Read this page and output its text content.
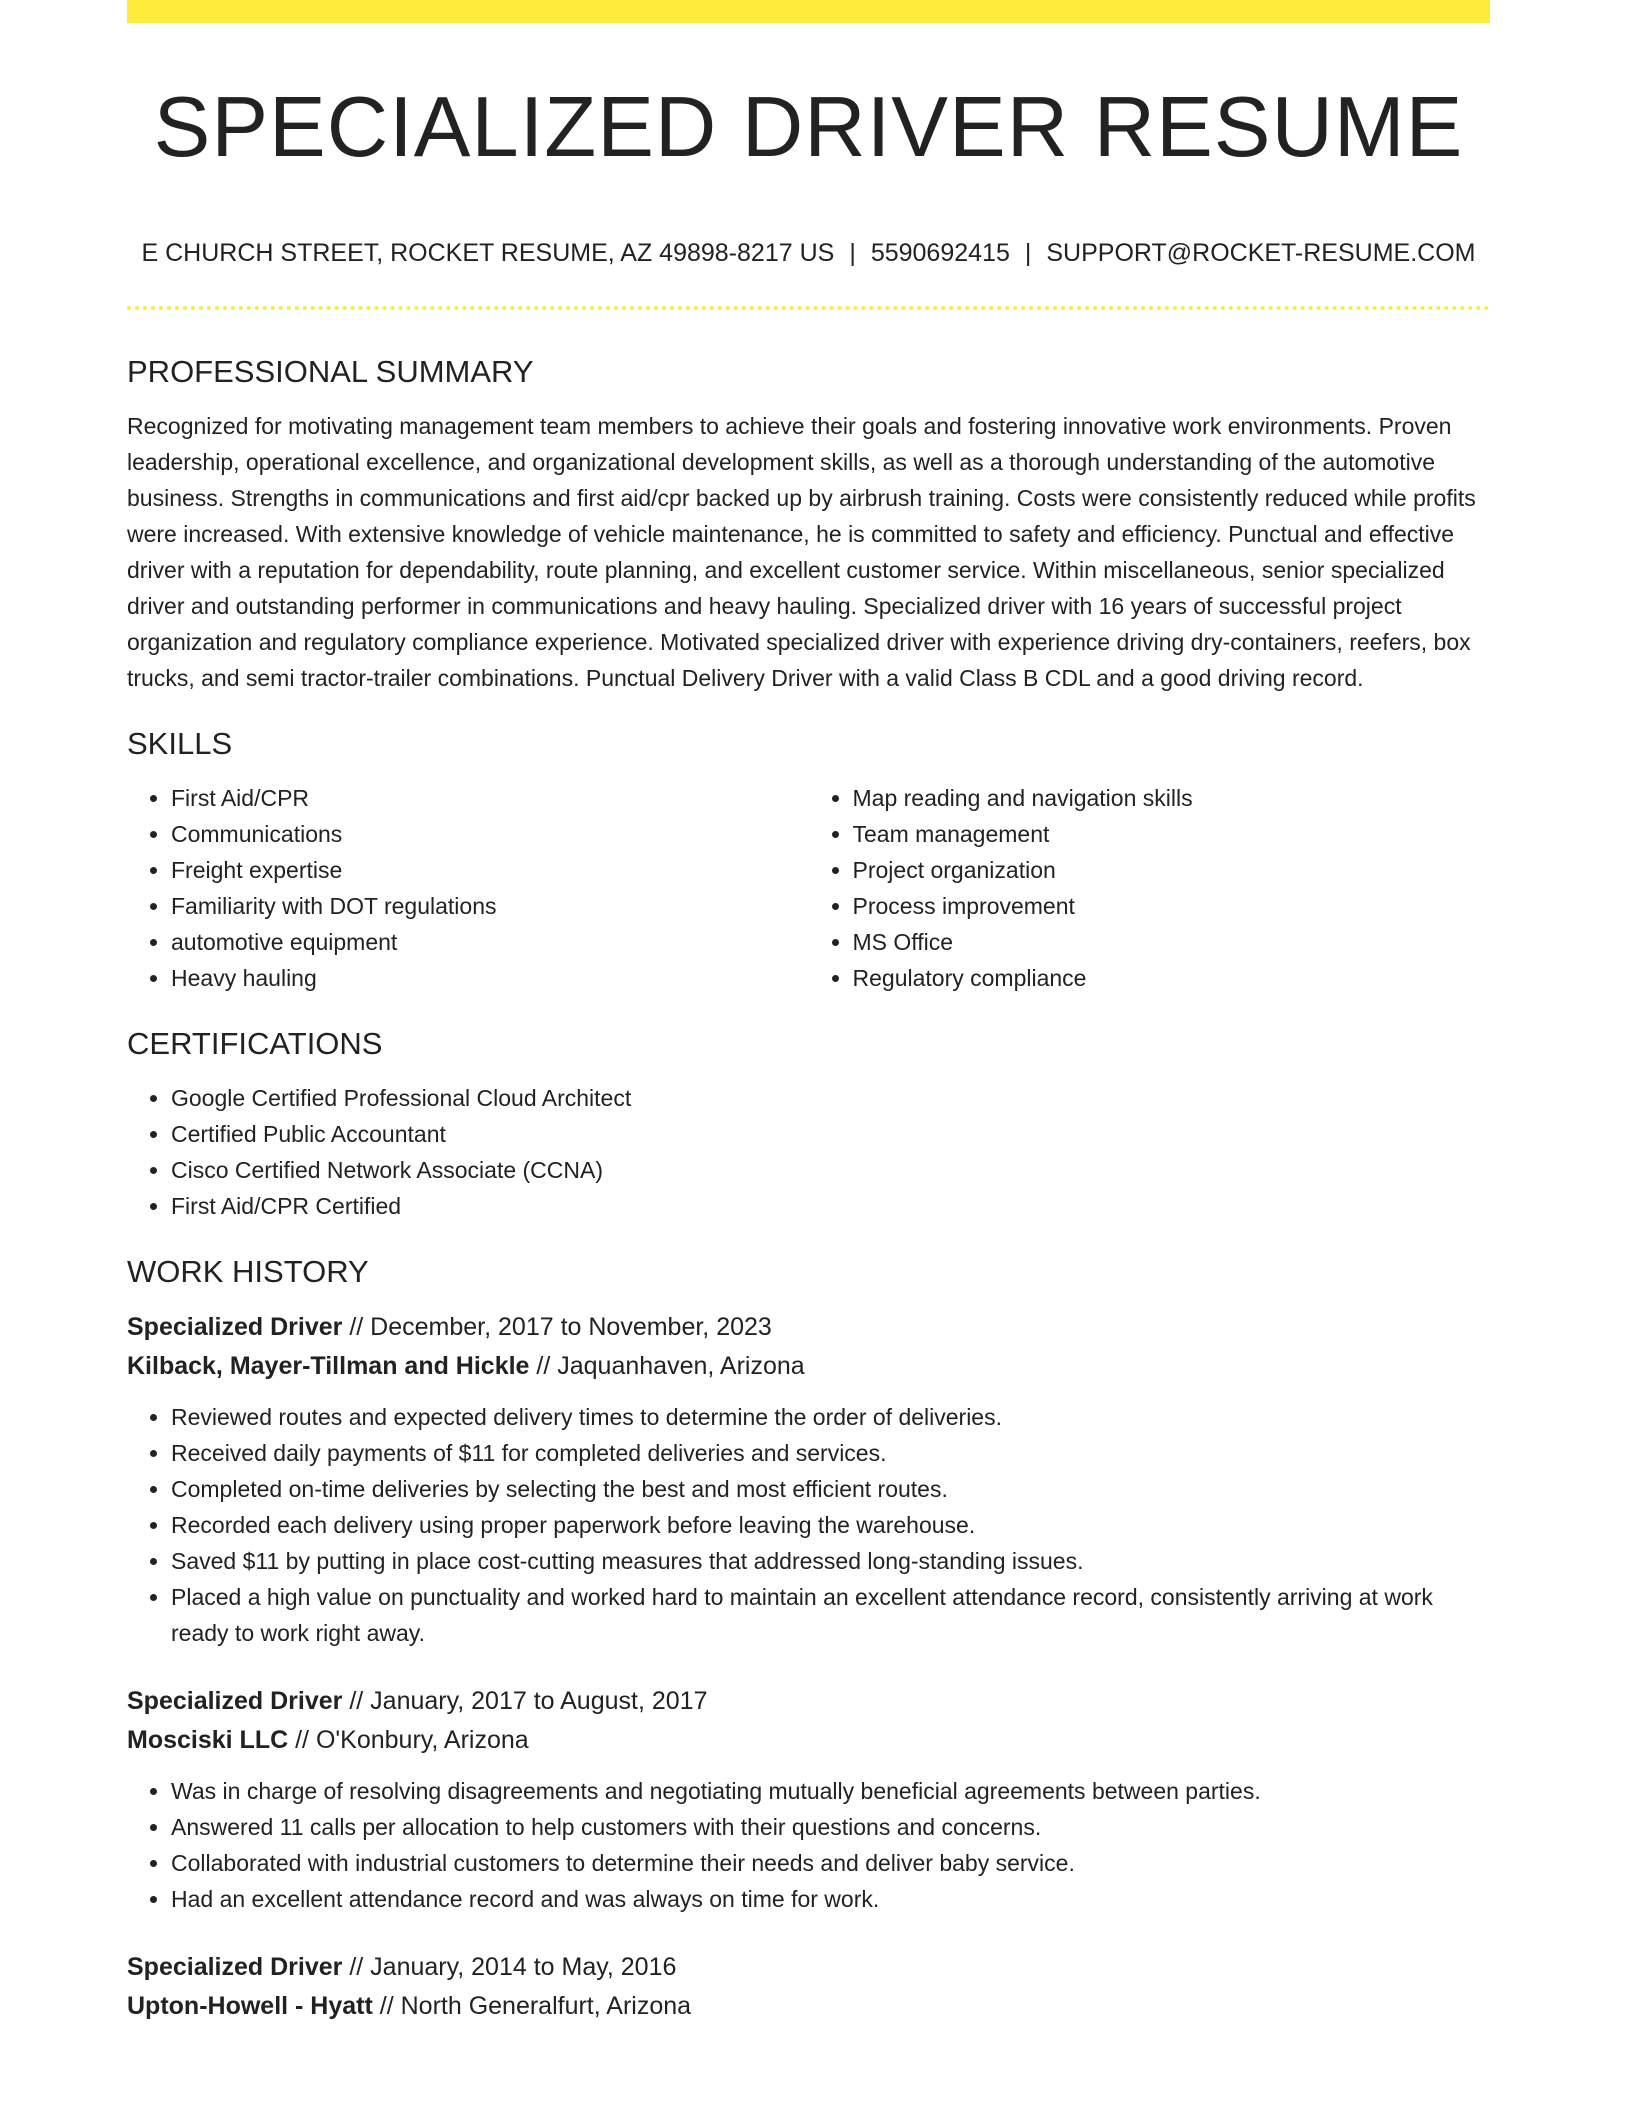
SPECIALIZED DRIVER RESUME
E CHURCH STREET, ROCKET RESUME, AZ 49898-8217 US | 5590692415 | SUPPORT@ROCKET-RESUME.COM
PROFESSIONAL SUMMARY

Recognized for motivating management team members to achieve their goals and fostering innovative work environments. Proven leadership, operational excellence, and organizational development skills, as well as a thorough understanding of the automotive business. Strengths in communications and first aid/cpr backed up by airbrush training. Costs were consistently reduced while profits were increased. With extensive knowledge of vehicle maintenance, he is committed to safety and efficiency. Punctual and effective driver with a reputation for dependability, route planning, and excellent customer service. Within miscellaneous, senior specialized driver and outstanding performer in communications and heavy hauling. Specialized driver with 16 years of successful project organization and regulatory compliance experience. Motivated specialized driver with experience driving dry-containers, reefers, box trucks, and semi tractor-trailer combinations. Punctual Delivery Driver with a valid Class B CDL and a good driving record.

SKILLS
• First Aid/CPR
• Communications
• Freight expertise
• Familiarity with DOT regulations
• automotive equipment
• Heavy hauling
• Map reading and navigation skills
• Team management
• Project organization
• Process improvement
• MS Office
• Regulatory compliance
CERTIFICATIONS
• Google Certified Professional Cloud Architect
• Certified Public Accountant
• Cisco Certified Network Associate (CCNA)
• First Aid/CPR Certified
WORK HISTORY
Specialized Driver // December, 2017 to November, 2023
Kilback, Mayer-Tillman and Hickle // Jaquanhaven, Arizona
• Reviewed routes and expected delivery times to determine the order of deliveries.
• Received daily payments of $11 for completed deliveries and services.
• Completed on-time deliveries by selecting the best and most efficient routes.
• Recorded each delivery using proper paperwork before leaving the warehouse.
• Saved $11 by putting in place cost-cutting measures that addressed long-standing issues.
• Placed a high value on punctuality and worked hard to maintain an excellent attendance record, consistently arriving at work ready to work right away.
Specialized Driver // January, 2017 to August, 2017
Mosciski LLC // O'Konbury, Arizona
• Was in charge of resolving disagreements and negotiating mutually beneficial agreements between parties.
• Answered 11 calls per allocation to help customers with their questions and concerns.
• Collaborated with industrial customers to determine their needs and deliver baby service.
• Had an excellent attendance record and was always on time for work.
Specialized Driver // January, 2014 to May, 2016
Upton-Howell - Hyatt // North Generalfurt, Arizona
